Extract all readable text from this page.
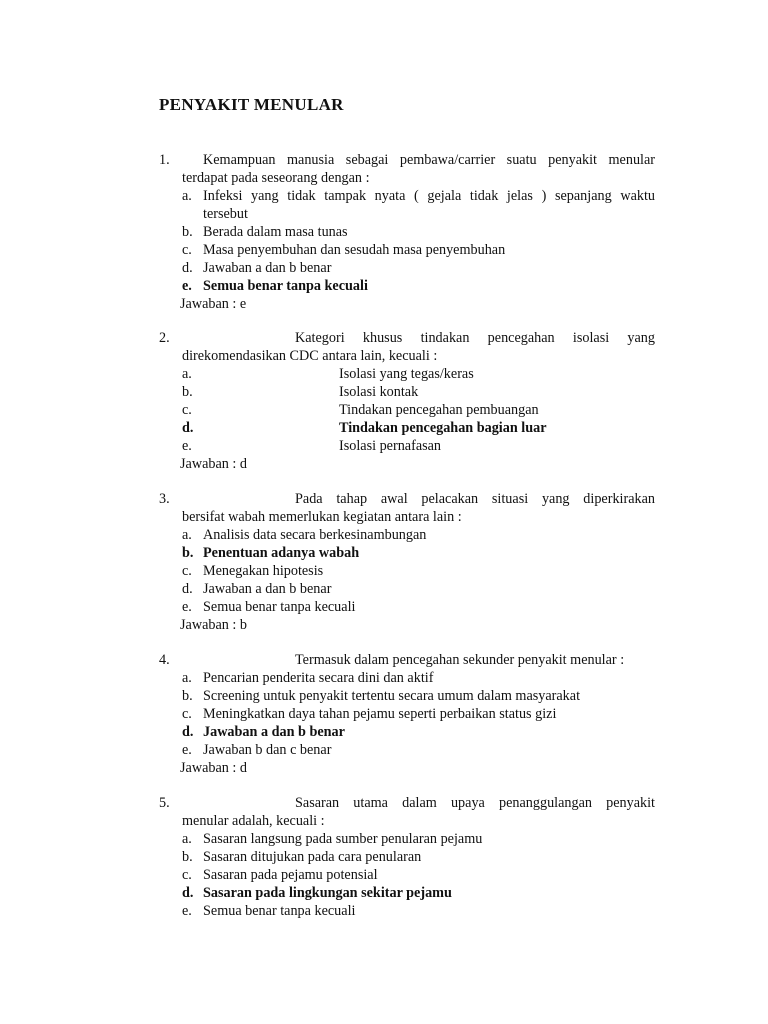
PENYAKIT MENULAR
1. Kemampuan manusia sebagai pembawa/carrier suatu penyakit menular
terdapat pada seseorang dengan :
a. Infeksi yang tidak tampak nyata ( gejala tidak jelas ) sepanjang waktu
tersebut
b. Berada dalam masa tunas
c. Masa penyembuhan dan sesudah masa penyembuhan
d. Jawaban a dan b benar
e. Semua benar tanpa kecuali
Jawaban : e
2.	Kategori khusus tindakan pencegahan isolasi yang
direkomendasikan CDC antara lain, kecuali :
a.	Isolasi yang tegas/keras
b.	Isolasi kontak
c.	Tindakan pencegahan pembuangan
d.	Tindakan pencegahan bagian luar
e.	Isolasi pernafasan
Jawaban : d
3.	Pada tahap awal pelacakan situasi yang diperkirakan
bersifat wabah memerlukan kegiatan antara lain :
a. Analisis data secara berkesinambungan
b. Penentuan adanya wabah
c. Menegakan hipotesis
d. Jawaban a dan b benar
e. Semua benar tanpa kecuali
Jawaban : b
4.	Termasuk dalam pencegahan sekunder penyakit menular :
a. Pencarian penderita secara dini dan aktif
b. Screening untuk penyakit tertentu secara umum dalam masyarakat
c. Meningkatkan daya tahan pejamu seperti perbaikan status gizi
d. Jawaban a dan b benar
e. Jawaban b dan c benar
Jawaban : d
5.	Sasaran utama dalam upaya penanggulangan penyakit
menular adalah, kecuali :
a. Sasaran langsung pada sumber penularan pejamu
b. Sasaran ditujukan pada cara penularan
c. Sasaran pada pejamu potensial
d. Sasaran pada lingkungan sekitar pejamu
e. Semua benar tanpa kecuali
